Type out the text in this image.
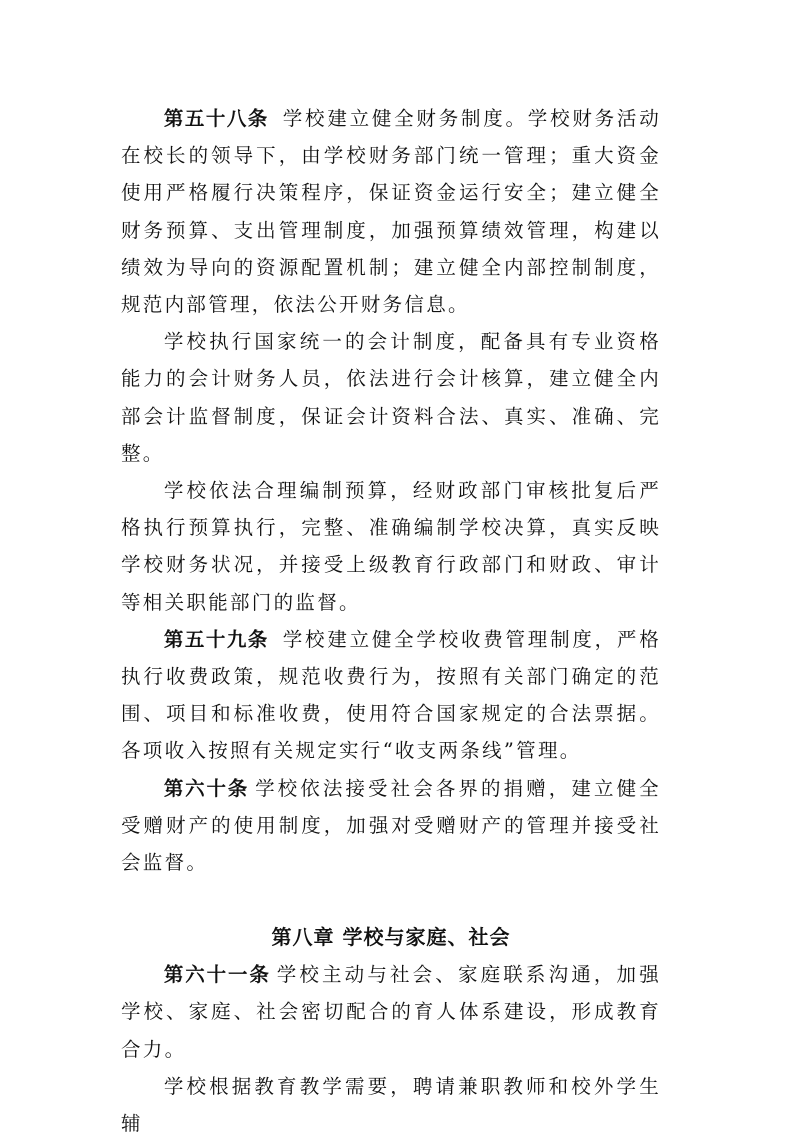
第五十八条 学校建立健全财务制度。学校财务活动在校长的领导下，由学校财务部门统一管理；重大资金使用严格履行决策程序，保证资金运行安全；建立健全财务预算、支出管理制度，加强预算绩效管理，构建以绩效为导向的资源配置机制；建立健全内部控制制度，规范内部管理，依法公开财务信息。

学校执行国家统一的会计制度，配备具有专业资格能力的会计财务人员，依法进行会计核算，建立健全内部会计监督制度，保证会计资料合法、真实、准确、完整。

学校依法合理编制预算，经财政部门审核批复后严格执行预算执行，完整、准确编制学校决算，真实反映学校财务状况，并接受上级教育行政部门和财政、审计等相关职能部门的监督。

第五十九条 学校建立健全学校收费管理制度，严格执行收费政策，规范收费行为，按照有关部门确定的范围、项目和标准收费，使用符合国家规定的合法票据。各项收入按照有关规定实行“收支两条线”管理。

第六十条 学校依法接受社会各界的捐赠，建立健全受赠财产的使用制度，加强对受赠财产的管理并接受社会监督。

第八章 学校与家庭、社会

第六十一条 学校主动与社会、家庭联系沟通，加强学校、家庭、社会密切配合的育人体系建设，形成教育合力。

学校根据教育教学需要，聘请兼职教师和校外学生辅
